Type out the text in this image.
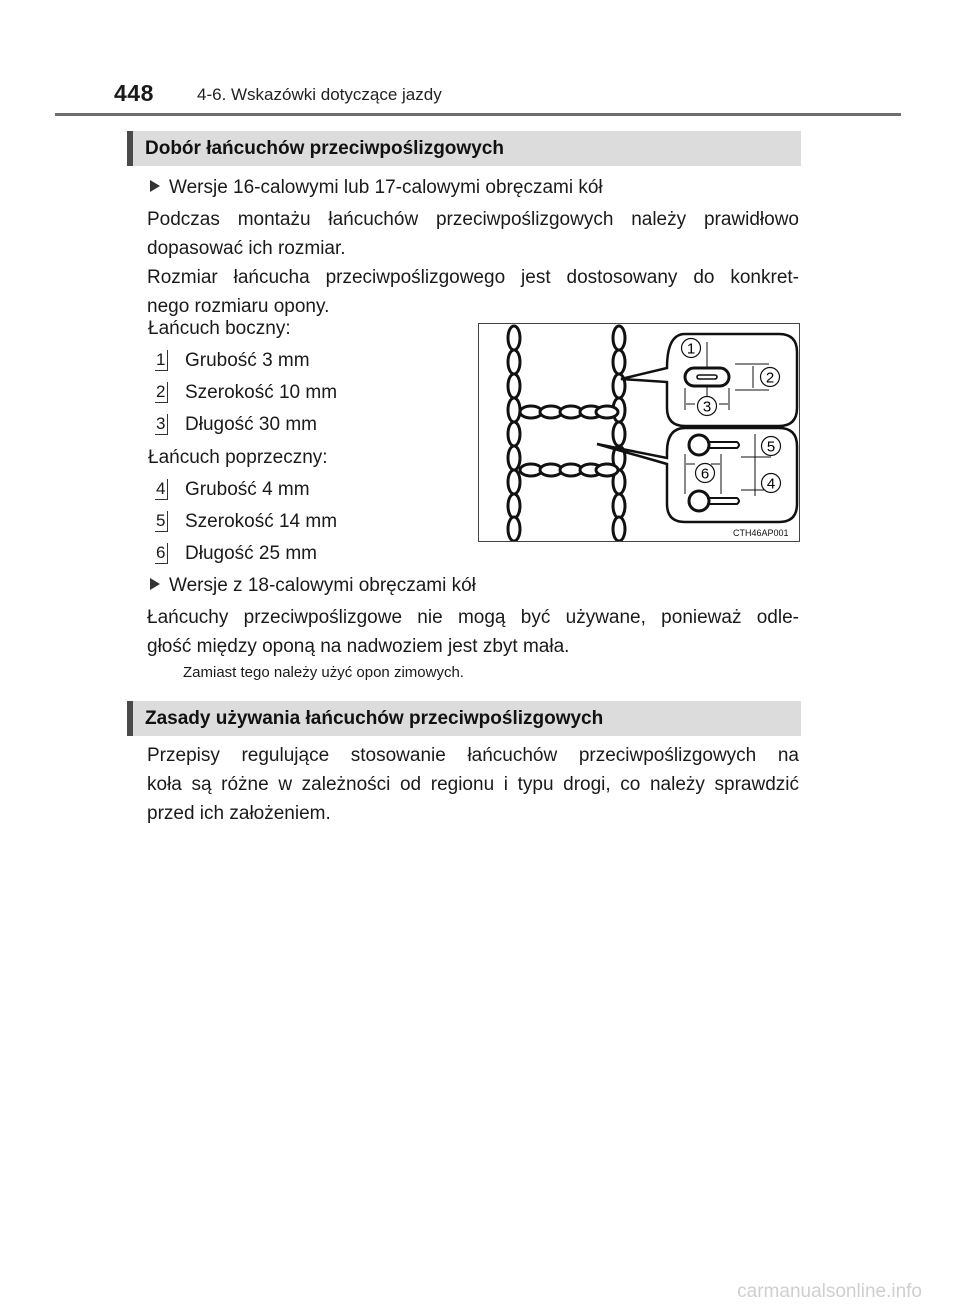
448	4-6. Wskazówki dotyczące jazdy
Dobór łańcuchów przeciwpoślizgowych
Wersje 16-calowymi lub 17-calowymi obręczami kół
Podczas montażu łańcuchów przeciwpoślizgowych należy prawidłowo
dopasować ich rozmiar.
Rozmiar łańcucha przeciwpoślizgowego jest dostosowany do konkret-
nego rozmiaru opony.
Łańcuch boczny:
1 Grubość 3 mm
2 Szerokość 10 mm
3 Długość 30 mm
Łańcuch poprzeczny:
4 Grubość 4 mm
5 Szerokość 14 mm
6 Długość 25 mm
1
2
3
4
5
6
CTH46AP001
Wersje z 18-calowymi obręczami kół
Łańcuchy przeciwpoślizgowe nie mogą być używane, ponieważ odle-
głość między oponą na nadwoziem jest zbyt mała.
Zamiast tego należy użyć opon zimowych.
Zasady używania łańcuchów przeciwpoślizgowych
Przepisy regulujące stosowanie łańcuchów przeciwpoślizgowych na
koła są różne w zależności od regionu i typu drogi, co należy sprawdzić
przed ich założeniem.
carmanualsonline.info
